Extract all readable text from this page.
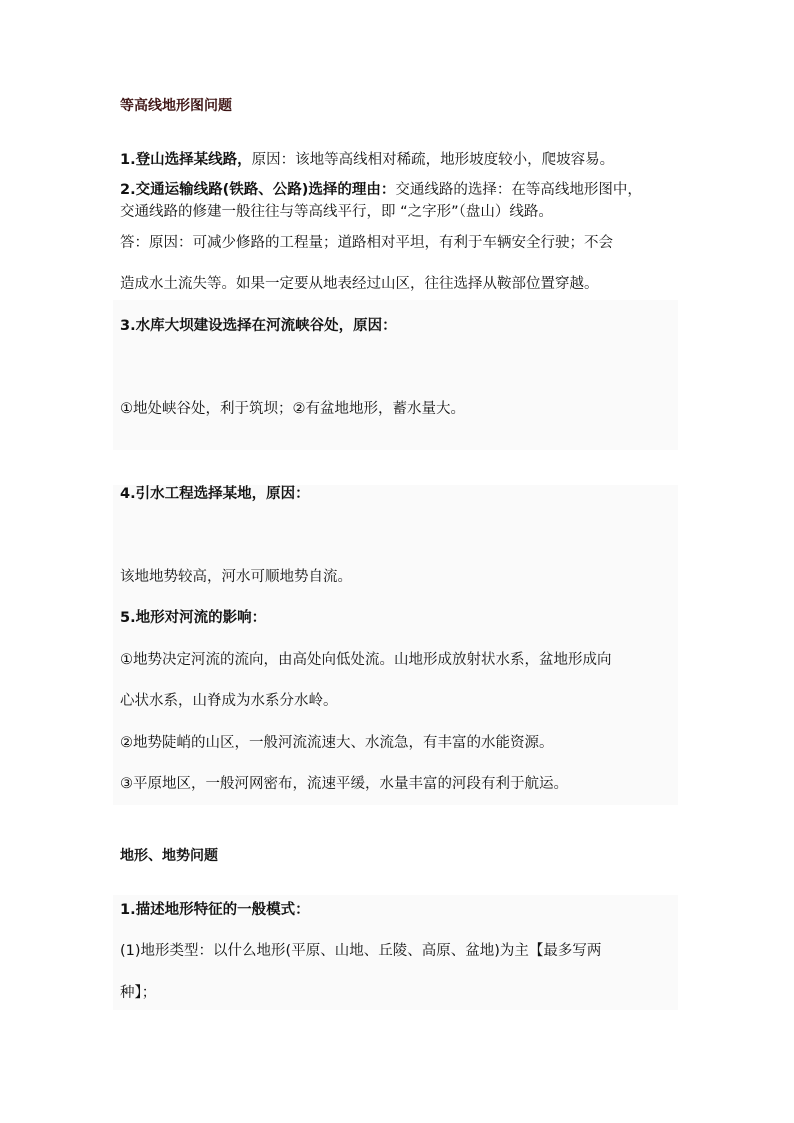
等高线地形图问题
1.登山选择某线路，原因：该地等高线相对稀疏，地形坡度较小，爬坡容易。
2.交通运输线路(铁路、公路)选择的理由：交通线路的选择：在等高线地形图中，
交通线路的修建一般往往与等高线平行，即 “之字形”（盘山）线路。
答：原因：可减少修路的工程量；道路相对平坦，有利于车辆安全行驶；不会
造成水土流失等。如果一定要从地表经过山区，往往选择从鞍部位置穿越。
3.水库大坝建设选择在河流峡谷处，原因：
①地处峡谷处，利于筑坝；②有盆地地形，蓄水量大。
4.引水工程选择某地，原因：
该地地势较高，河水可顺地势自流。
5.地形对河流的影响：
①地势决定河流的流向，由高处向低处流。山地形成放射状水系，盆地形成向
心状水系，山脊成为水系分水岭。
②地势陡峭的山区，一般河流流速大、水流急，有丰富的水能资源。
③平原地区，一般河网密布，流速平缓，水量丰富的河段有利于航运。
地形、地势问题
1.描述地形特征的一般模式：
(1)地形类型：以什么地形(平原、山地、丘陵、高原、盆地)为主【最多写两
种】；
